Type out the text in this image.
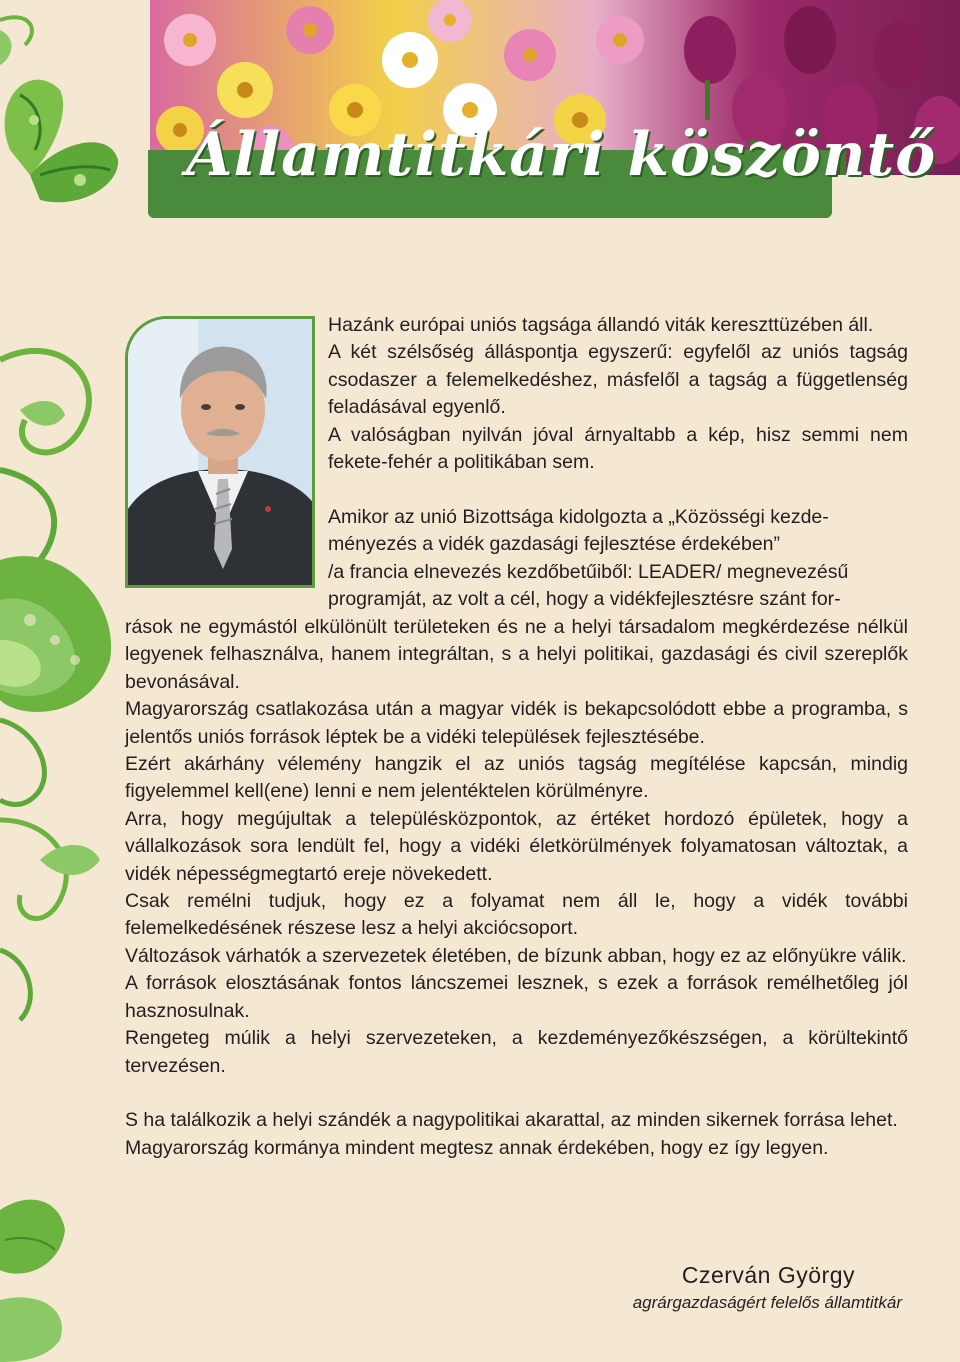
Államtitkári köszöntő

Hazánk európai uniós tagsága állandó viták kereszttüzében áll.

A két szélsőség álláspontja egyszerű: egyfelől az uniós tagság csodaszer a felemelkedéshez, másfelől a tagság a függetlenség feladásával egyenlő.

A valóságban nyilván jóval árnyaltabb a kép, hisz semmi nem fekete-fehér a politikában sem.

Amikor az unió Bizottsága kidolgozta a „Közösségi kezde-
ményezés a vidék gazdasági fejlesztése érdekében”
/a francia elnevezés kezdőbetűiből: LEADER/ megnevezésű
programját, az volt a cél, hogy a vidékfejlesztésre szánt for-

rások ne egymástól elkülönült területeken és ne a helyi társadalom megkérdezése nélkül legyenek felhasználva, hanem integráltan, s a helyi politikai, gazdasági és civil szereplők bevonásával.

Magyarország csatlakozása után a magyar vidék is bekapcsolódott ebbe a programba, s jelentős uniós források léptek be a vidéki települések fejlesztésébe.

Ezért akárhány vélemény hangzik el az uniós tagság megítélése kapcsán, mindig figyelemmel kell(ene) lenni e nem jelentéktelen körülményre.

Arra, hogy megújultak a településközpontok, az értéket hordozó épületek, hogy a vállalkozások sora lendült fel, hogy a vidéki életkörülmények folyamatosan változtak, a vidék népességmegtartó ereje növekedett.

Csak remélni tudjuk, hogy ez a folyamat nem áll le, hogy a vidék további felemelkedésének részese lesz a helyi akciócsoport.

Változások várhatók a szervezetek életében, de bízunk abban, hogy ez az előnyükre válik.

A források elosztásának fontos láncszemei lesznek, s ezek a források remélhetőleg jól hasznosulnak.

Rengeteg múlik a helyi szervezeteken, a kezdeményezőkészségen, a körültekintő tervezésen.

S ha találkozik a helyi szándék a nagypolitikai akarattal, az minden sikernek forrása lehet.

Magyarország kormánya mindent megtesz annak érdekében, hogy ez így legyen.

Czerván György
agrárgazdaságért felelős államtitkár
